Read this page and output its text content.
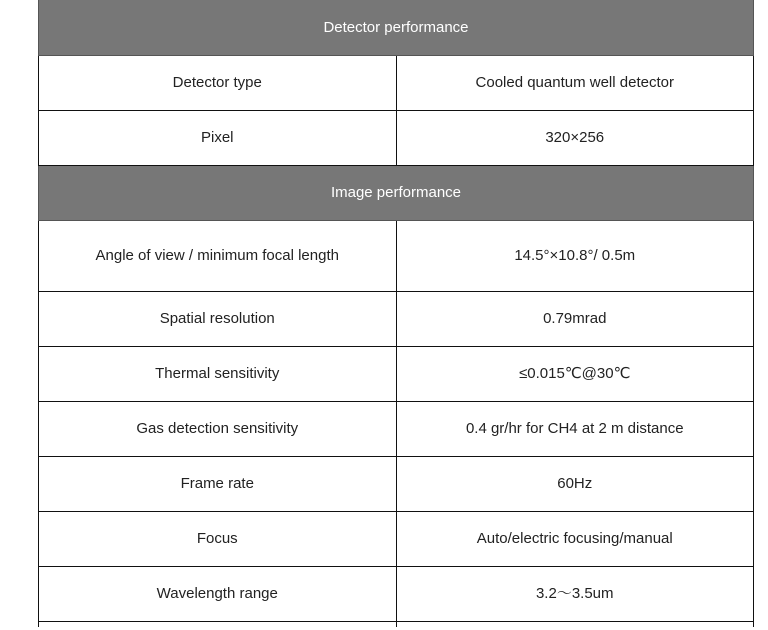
Detector performance	
Detector type	Cooled quantum well detector
Pixel	320×256
Image performance	
Angle of view / minimum focal length	14.5°×10.8°/ 0.5m
Spatial resolution	0.79mrad
Thermal sensitivity	≤0.015℃@30℃
Gas detection sensitivity	0.4 gr/hr for CH4 at 2 m distance
Frame rate	60Hz
Focus	Auto/electric focusing/manual
Wavelength range	3.2～3.5um
